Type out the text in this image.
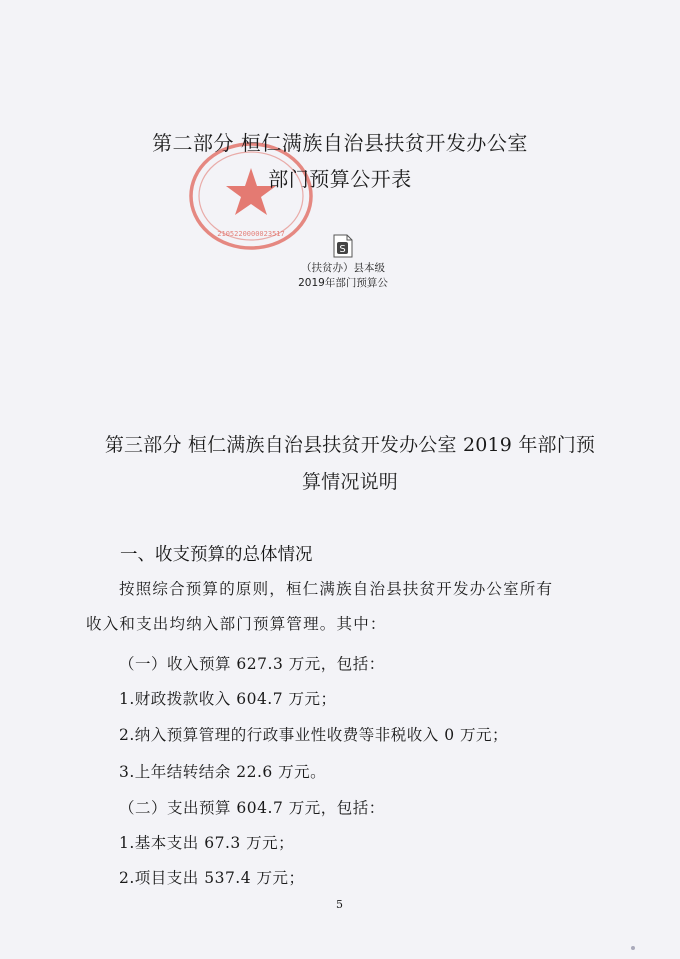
2105220000023517
第二部分 桓仁满族自治县扶贫开发办公室
部门预算公开表
S
（扶贫办）县本级
2019年部门预算公
第三部分 桓仁满族自治县扶贫开发办公室 2019 年部门预
算情况说明
一、收支预算的总体情况
按照综合预算的原则，桓仁满族自治县扶贫开发办公室所有
收入和支出均纳入部门预算管理。其中：
（一）收入预算 627.3 万元，包括：
1.财政拨款收入 604.7 万元；
2.纳入预算管理的行政事业性收费等非税收入 0 万元；
3.上年结转结余 22.6 万元。
（二）支出预算 604.7 万元，包括：
1.基本支出 67.3 万元；
2.项目支出 537.4 万元；
5
